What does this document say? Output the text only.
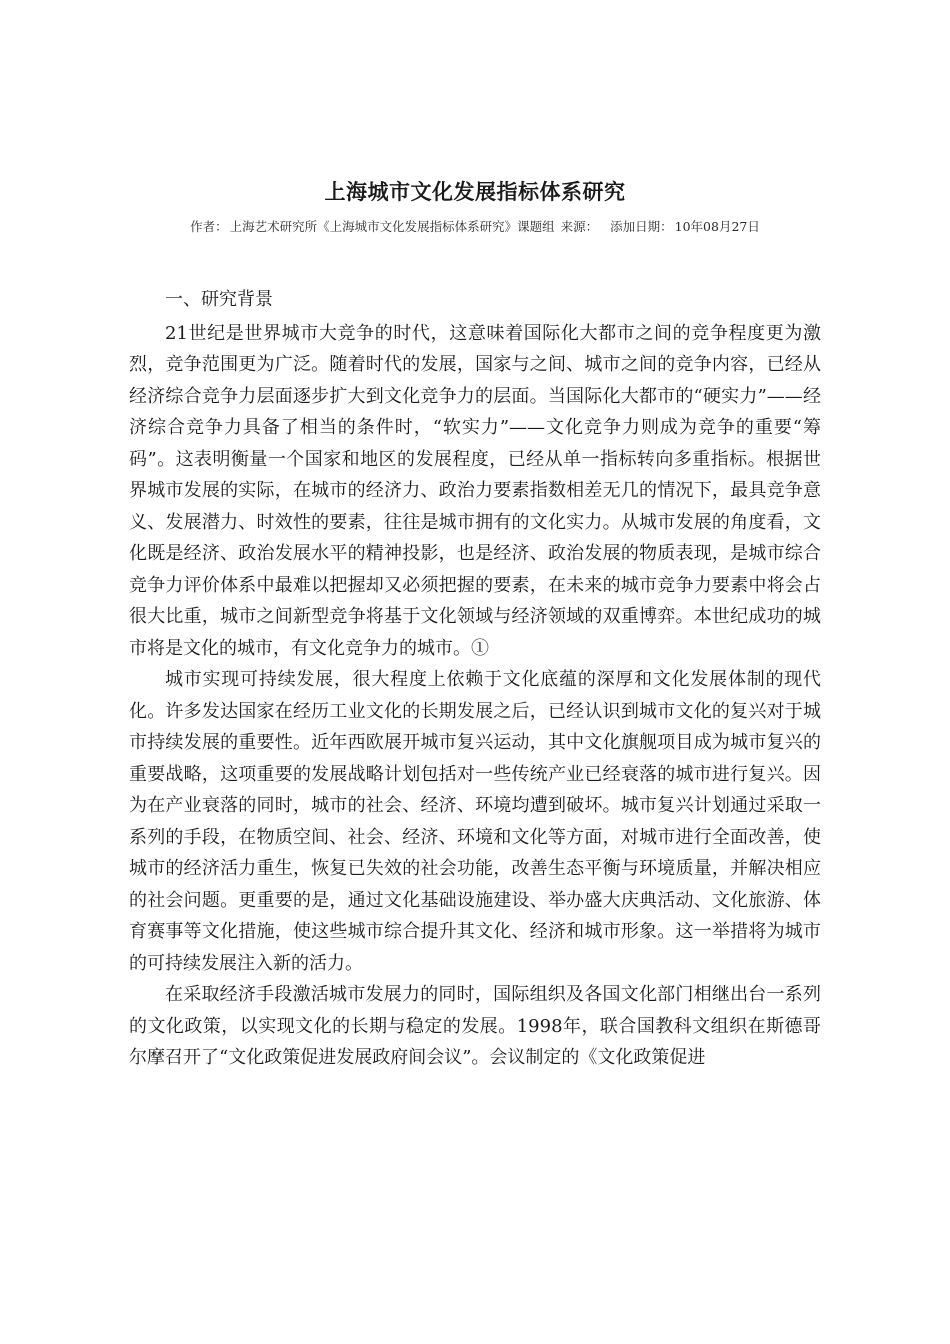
上海城市文化发展指标体系研究
作者： 上海艺术研究所《上海城市文化发展指标体系研究》课题组 来源： 添加日期： 10年08月27日

一、研究背景

21世纪是世界城市大竞争的时代，这意味着国际化大都市之间的竞争程度更为激烈，竞争范围更为广泛。随着时代的发展，国家与之间、城市之间的竞争内容，已经从经济综合竞争力层面逐步扩大到文化竞争力的层面。当国际化大都市的“硬实力”——经济综合竞争力具备了相当的条件时，“软实力”——文化竞争力则成为竞争的重要“筹码”。这表明衡量一个国家和地区的发展程度，已经从单一指标转向多重指标。根据世界城市发展的实际，在城市的经济力、政治力要素指数相差无几的情况下，最具竞争意义、发展潜力、时效性的要素，往往是城市拥有的文化实力。从城市发展的角度看，文化既是经济、政治发展水平的精神投影，也是经济、政治发展的物质表现，是城市综合竞争力评价体系中最难以把握却又必须把握的要素，在未来的城市竞争力要素中将会占很大比重，城市之间新型竞争将基于文化领域与经济领域的双重博弈。本世纪成功的城市将是文化的城市，有文化竞争力的城市。①

城市实现可持续发展，很大程度上依赖于文化底蕴的深厚和文化发展体制的现代化。许多发达国家在经历工业文化的长期发展之后，已经认识到城市文化的复兴对于城市持续发展的重要性。近年西欧展开城市复兴运动，其中文化旗舰项目成为城市复兴的重要战略，这项重要的发展战略计划包括对一些传统产业已经衰落的城市进行复兴。因为在产业衰落的同时，城市的社会、经济、环境均遭到破坏。城市复兴计划通过采取一系列的手段，在物质空间、社会、经济、环境和文化等方面，对城市进行全面改善，使城市的经济活力重生，恢复已失效的社会功能，改善生态平衡与环境质量，并解决相应的社会问题。更重要的是，通过文化基础设施建设、举办盛大庆典活动、文化旅游、体育赛事等文化措施，使这些城市综合提升其文化、经济和城市形象。这一举措将为城市的可持续发展注入新的活力。

在采取经济手段激活城市发展力的同时，国际组织及各国文化部门相继出台一系列的文化政策，以实现文化的长期与稳定的发展。1998年，联合国教科文组织在斯德哥尔摩召开了“文化政策促进发展政府间会议”。会议制定的《文化政策促进
